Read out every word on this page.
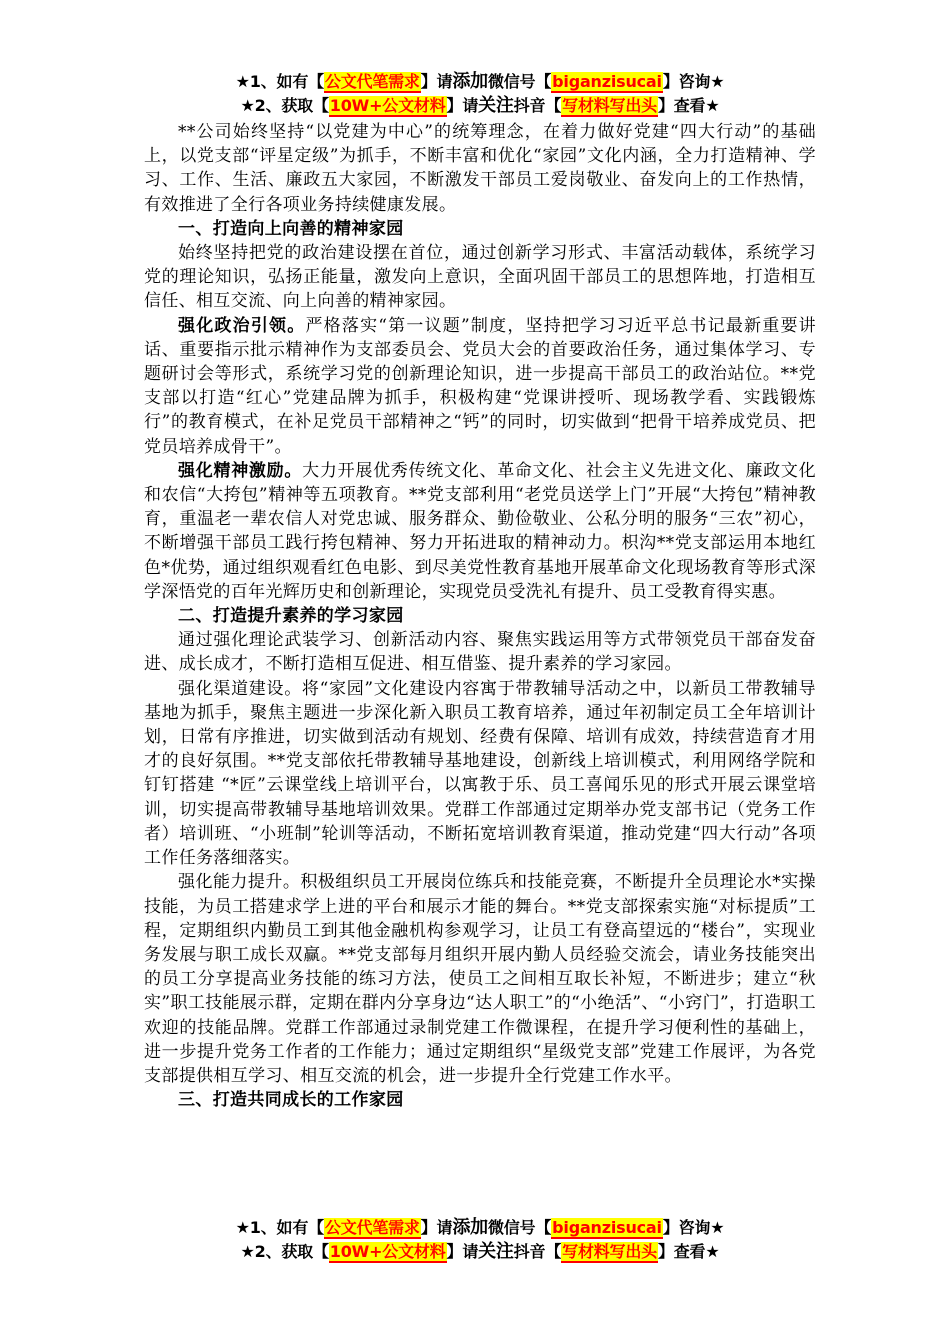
★1、如有【公文代笔需求】请添加微信号【biganzisucai】咨询★
★2、获取【10W+公文材料】请关注抖音【写材料写出头】查看★

**公司始终坚持“以党建为中心”的统筹理念，在着力做好党建“四大行动”的基础上，以党支部“评星定级”为抓手，不断丰富和优化“家园”文化内涵，全力打造精神、学习、工作、生活、廉政五大家园，不断激发干部员工爱岗敬业、奋发向上的工作热情，有效推进了全行各项业务持续健康发展。

一、打造向上向善的精神家园

始终坚持把党的政治建设摆在首位，通过创新学习形式、丰富活动载体，系统学习党的理论知识，弘扬正能量，激发向上意识，全面巩固干部员工的思想阵地，打造相互信任、相互交流、向上向善的精神家园。

强化政治引领。严格落实“第一议题”制度，坚持把学习习近平总书记最新重要讲话、重要指示批示精神作为支部委员会、党员大会的首要政治任务，通过集体学习、专题研讨会等形式，系统学习党的创新理论知识，进一步提高干部员工的政治站位。**党支部以打造“红心”党建品牌为抓手，积极构建“党课讲授听、现场教学看、实践锻炼行”的教育模式，在补足党员干部精神之“钙”的同时，切实做到“把骨干培养成党员、把党员培养成骨干”。

强化精神激励。大力开展优秀传统文化、革命文化、社会主义先进文化、廉政文化和农信“大挎包”精神等五项教育。**党支部利用“老党员送学上门”开展“大挎包”精神教育，重温老一辈农信人对党忠诚、服务群众、勤俭敬业、公私分明的服务“三农”初心，不断增强干部员工践行挎包精神、努力开拓进取的精神动力。枳沟**党支部运用本地红色*优势，通过组织观看红色电影、到尽美党性教育基地开展革命文化现场教育等形式深学深悟党的百年光辉历史和创新理论，实现党员受洗礼有提升、员工受教育得实惠。

二、打造提升素养的学习家园

通过强化理论武装学习、创新活动内容、聚焦实践运用等方式带领党员干部奋发奋进、成长成才，不断打造相互促进、相互借鉴、提升素养的学习家园。

强化渠道建设。将“家园”文化建设内容寓于带教辅导活动之中，以新员工带教辅导基地为抓手，聚焦主题进一步深化新入职员工教育培养，通过年初制定员工全年培训计划，日常有序推进，切实做到活动有规划、经费有保障、培训有成效，持续营造育才用才的良好氛围。**党支部依托带教辅导基地建设，创新线上培训模式，利用网络学院和钉钉搭建 “*匠”云课堂线上培训平台，以寓教于乐、员工喜闻乐见的形式开展云课堂培训，切实提高带教辅导基地培训效果。党群工作部通过定期举办党支部书记（党务工作者）培训班、“小班制”轮训等活动，不断拓宽培训教育渠道，推动党建“四大行动”各项工作任务落细落实。

强化能力提升。积极组织员工开展岗位练兵和技能竞赛，不断提升全员理论水*实操技能，为员工搭建求学上进的平台和展示才能的舞台。**党支部探索实施“对标提质”工程，定期组织内勤员工到其他金融机构参观学习，让员工有登高望远的“楼台”，实现业务发展与职工成长双赢。**党支部每月组织开展内勤人员经验交流会，请业务技能突出的员工分享提高业务技能的练习方法，使员工之间相互取长补短，不断进步；建立“秋实”职工技能展示群，定期在群内分享身边“达人职工”的“小绝活”、“小窍门”，打造职工欢迎的技能品牌。党群工作部通过录制党建工作微课程，在提升学习便利性的基础上，进一步提升党务工作者的工作能力；通过定期组织“星级党支部”党建工作展评，为各党支部提供相互学习、相互交流的机会，进一步提升全行党建工作水平。

三、打造共同成长的工作家园

★1、如有【公文代笔需求】请添加微信号【biganzisucai】咨询★
★2、获取【10W+公文材料】请关注抖音【写材料写出头】查看★
